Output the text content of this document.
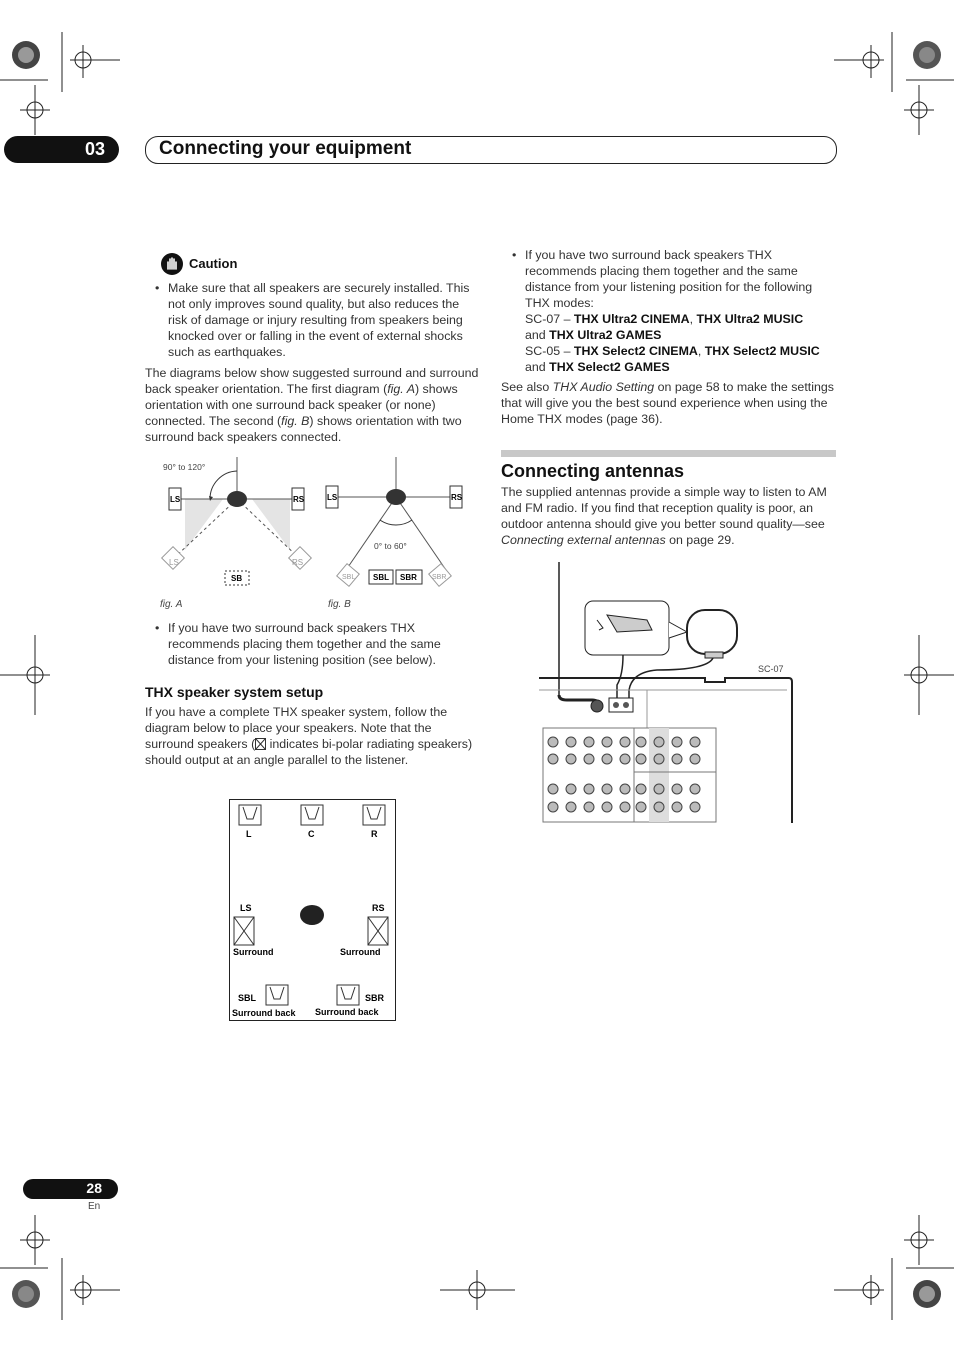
03	Connecting your equipment
Caution
• Make sure that all speakers are securely installed. This not only improves sound quality, but also reduces the risk of damage or injury resulting from speakers being knocked over or falling in the event of external shocks such as earthquakes.
The diagrams below show suggested surround and surround back speaker orientation. The first diagram (fig. A) shows orientation with one surround back speaker (or none) connected. The second (fig. B) shows orientation with two surround back speakers connected.
90° to 120°
LS	RS
LS	RS
SB
fig. A
0° to 60°
LS	RS
SBL	SBR
SBL SBR
fig. B
• If you have two surround back speakers THX recommends placing them together and the same distance from your listening position (see below).
THX speaker system setup
If you have a complete THX speaker system, follow the diagram below to place your speakers. Note that the surround speakers ( indicates bi-polar radiating speakers) should output at an angle parallel to the listener.
L	C	R
LS	RS
Surround	Surround
SBL	SBR
Surround back Surround back
• If you have two surround back speakers THX recommends placing them together and the same distance from your listening position for the following THX modes:
SC-07 – THX Ultra2 CINEMA, THX Ultra2 MUSIC
and THX Ultra2 GAMES
SC-05 – THX Select2 CINEMA, THX Select2 MUSIC
and THX Select2 GAMES
See also THX Audio Setting on page 58 to make the settings that will give you the best sound experience when using the Home THX modes (page 36).
Connecting antennas
The supplied antennas provide a simple way to listen to AM and FM radio. If you find that reception quality is poor, an outdoor antenna should give you better sound quality—see Connecting external antennas on page 29.
SC-07
28
En
